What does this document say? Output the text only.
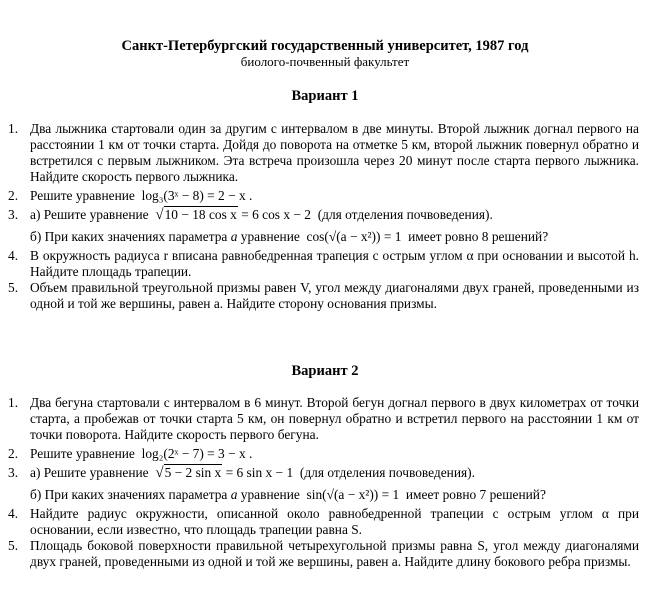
Санкт-Петербургский государственный университет, 1987 год
биолого-почвенный факультет
Вариант 1
1. Два лыжника стартовали один за другим с интервалом в две минуты. Второй лыжник догнал первого на расстоянии 1 км от точки старта. Дойдя до поворота на отметке 5 км, второй лыжник повернул обратно и встретился с первым лыжником. Эта встреча произошла через 20 минут после старта первого лыжника. Найдите скорость первого лыжника.
2. Решите уравнение log₃(3ˣ − 8) = 2 − x .
3. а) Решите уравнение √10 − 18 cos x = 6 cos x − 2 (для отделения почвоведения).
б) При каких значениях параметра a уравнение cos(√(a − x²)) = 1 имеет ровно 8 решений?
4. В окружность радиуса r вписана равнобедренная трапеция с острым углом α при основании и высотой h. Найдите площадь трапеции.
5. Объем правильной треугольной призмы равен V, угол между диагоналями двух граней, проведенными из одной и той же вершины, равен a. Найдите сторону основания призмы.
Вариант 2
1. Два бегуна стартовали с интервалом в 6 минут. Второй бегун догнал первого в двух километрах от точки старта, а пробежав от точки старта 5 км, он повернул обратно и встретил первого на расстоянии 1 км от точки поворота. Найдите скорость первого бегуна.
2. Решите уравнение log₂(2ˣ − 7) = 3 − x .
3. а) Решите уравнение √5 − 2 sin x = 6 sin x − 1 (для отделения почвоведения).
б) При каких значениях параметра a уравнение sin(√(a − x²)) = 1 имеет ровно 7 решений?
4. Найдите радиус окружности, описанной около равнобедренной трапеции с острым углом α при основании, если известно, что площадь трапеции равна S.
5. Площадь боковой поверхности правильной четырехугольной призмы равна S, угол между диагоналями двух граней, проведенными из одной и той же вершины, равен a. Найдите длину бокового ребра призмы.
